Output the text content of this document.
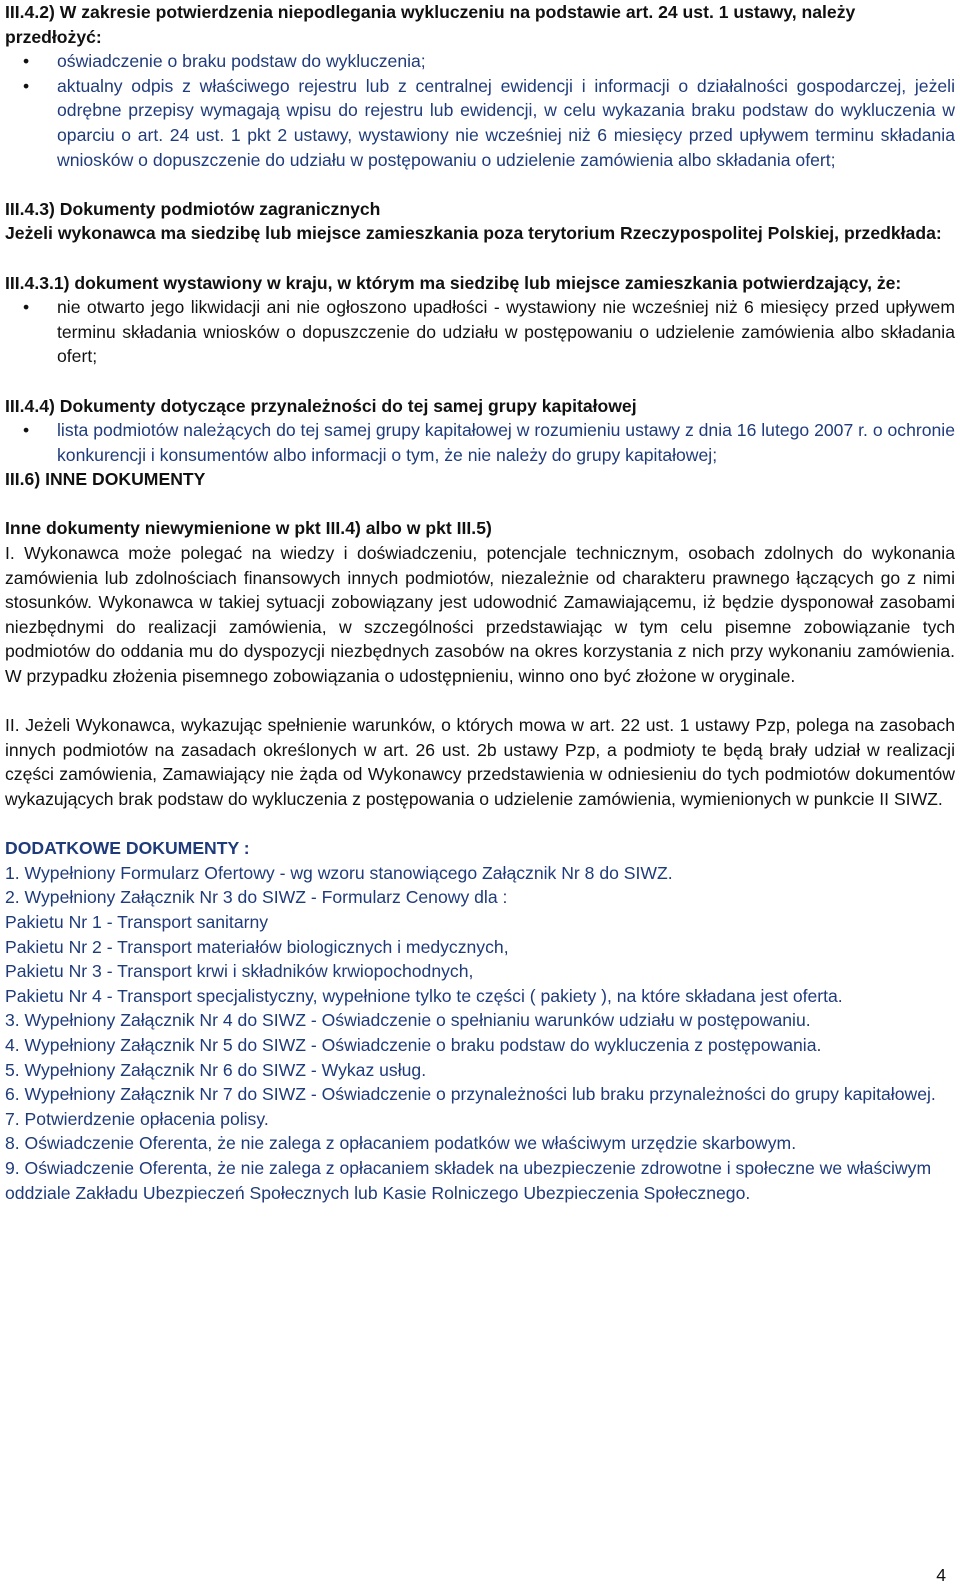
III.4.2) W zakresie potwierdzenia niepodlegania wykluczeniu na podstawie art. 24 ust. 1 ustawy, należy przedłożyć:

• oświadczenie o braku podstaw do wykluczenia;
• aktualny odpis z właściwego rejestru lub z centralnej ewidencji i informacji o działalności gospodarczej, jeżeli odrębne przepisy wymagają wpisu do rejestru lub ewidencji, w celu wykazania braku podstaw do wykluczenia w oparciu o art. 24 ust. 1 pkt 2 ustawy, wystawiony nie wcześniej niż 6 miesięcy przed upływem terminu składania wniosków o dopuszczenie do udziału w postępowaniu o udzielenie zamówienia albo składania ofert;

III.4.3) Dokumenty podmiotów zagranicznych

Jeżeli wykonawca ma siedzibę lub miejsce zamieszkania poza terytorium Rzeczypospolitej Polskiej, przedkłada:

III.4.3.1) dokument wystawiony w kraju, w którym ma siedzibę lub miejsce zamieszkania potwierdzający, że:

• nie otwarto jego likwidacji ani nie ogłoszono upadłości - wystawiony nie wcześniej niż 6 miesięcy przed upływem terminu składania wniosków o dopuszczenie do udziału w postępowaniu o udzielenie zamówienia albo składania ofert;

III.4.4) Dokumenty dotyczące przynależności do tej samej grupy kapitałowej

• lista podmiotów należących do tej samej grupy kapitałowej w rozumieniu ustawy z dnia 16 lutego 2007 r. o ochronie konkurencji i konsumentów albo informacji o tym, że nie należy do grupy kapitałowej;

III.6) INNE DOKUMENTY

Inne dokumenty niewymienione w pkt III.4) albo w pkt III.5)

I. Wykonawca może polegać na wiedzy i doświadczeniu, potencjale technicznym, osobach zdolnych do wykonania zamówienia lub zdolnościach finansowych innych podmiotów, niezależnie od charakteru prawnego łączących go z nimi stosunków. Wykonawca w takiej sytuacji zobowiązany jest udowodnić Zamawiającemu, iż będzie dysponował zasobami niezbędnymi do realizacji zamówienia, w szczególności przedstawiając w tym celu pisemne zobowiązanie tych podmiotów do oddania mu do dyspozycji niezbędnych zasobów na okres korzystania z nich przy wykonaniu zamówienia. W przypadku złożenia pisemnego zobowiązania o udostępnieniu, winno ono być złożone w oryginale.

II. Jeżeli Wykonawca, wykazując spełnienie warunków, o których mowa w art. 22 ust. 1 ustawy Pzp, polega na zasobach innych podmiotów na zasadach określonych w art. 26 ust. 2b ustawy Pzp, a podmioty te będą brały udział w realizacji części zamówienia, Zamawiający nie żąda od Wykonawcy przedstawienia w odniesieniu do tych podmiotów dokumentów wykazujących brak podstaw do wykluczenia z postępowania o udzielenie zamówienia, wymienionych w punkcie II SIWZ.

DODATKOWE DOKUMENTY :

1. Wypełniony Formularz Ofertowy - wg wzoru stanowiącego Załącznik Nr 8 do SIWZ.

2. Wypełniony Załącznik Nr 3 do SIWZ - Formularz Cenowy dla :

Pakietu Nr 1 - Transport sanitarny

Pakietu Nr 2 - Transport materiałów biologicznych i medycznych,

Pakietu Nr 3 - Transport krwi i składników krwiopochodnych,

Pakietu Nr 4 - Transport specjalistyczny, wypełnione tylko te części ( pakiety ), na które składana jest oferta.

3. Wypełniony Załącznik Nr 4 do SIWZ - Oświadczenie o spełnianiu warunków udziału w postępowaniu.

4. Wypełniony Załącznik Nr 5 do SIWZ - Oświadczenie o braku podstaw do wykluczenia z postępowania.

5. Wypełniony Załącznik Nr 6 do SIWZ - Wykaz usług.

6. Wypełniony Załącznik Nr 7 do SIWZ - Oświadczenie o przynależności lub braku przynależności do grupy kapitałowej.

7. Potwierdzenie opłacenia polisy.

8. Oświadczenie Oferenta, że nie zalega z opłacaniem podatków we właściwym urzędzie skarbowym.

9. Oświadczenie Oferenta, że nie zalega z opłacaniem składek na ubezpieczenie zdrowotne i społeczne we właściwym oddziale Zakładu Ubezpieczeń Społecznych lub Kasie Rolniczego Ubezpieczenia Społecznego.

4
